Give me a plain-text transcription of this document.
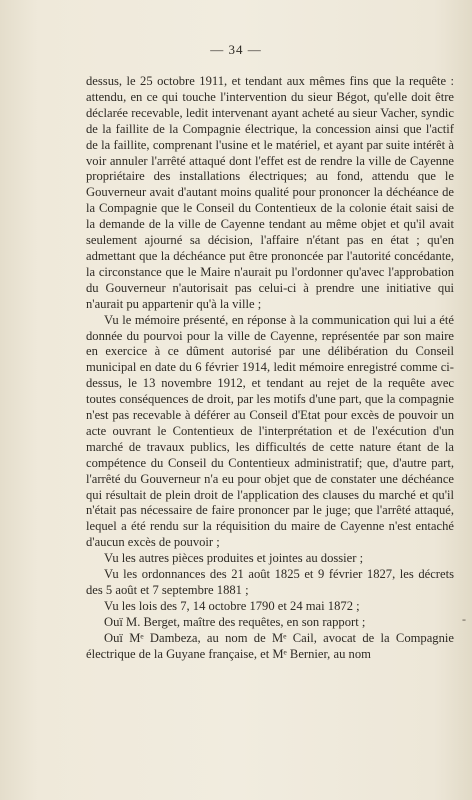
— 34 —

dessus, le 25 octobre 1911, et tendant aux mêmes fins que la requête : attendu, en ce qui touche l'intervention du sieur Bégot, qu'elle doit être déclarée recevable, ledit intervenant ayant acheté au sieur Vacher, syndic de la faillite de la Compagnie électrique, la concession ainsi que l'actif de la faillite, comprenant l'usine et le matériel, et ayant par suite intérêt à voir annuler l'arrêté attaqué dont l'effet est de rendre la ville de Cayenne propriétaire des installations électriques; au fond, attendu que le Gouverneur avait d'autant moins qualité pour prononcer la déchéance de la Compagnie que le Conseil du Contentieux de la colonie était saisi de la demande de la ville de Cayenne tendant au même objet et qu'il avait seulement ajourné sa décision, l'affaire n'étant pas en état ; qu'en admettant que la déchéance put être prononcée par l'autorité concédante, la circonstance que le Maire n'aurait pu l'ordonner qu'avec l'approbation du Gouverneur n'autorisait pas celui-ci à prendre une initiative qui n'aurait pu appartenir qu'à la ville ;

Vu le mémoire présenté, en réponse à la communication qui lui a été donnée du pourvoi pour la ville de Cayenne, représentée par son maire en exercice à ce dûment autorisé par une délibération du Conseil municipal en date du 6 février 1914, ledit mémoire enregistré comme ci-dessus, le 13 novembre 1912, et tendant au rejet de la requête avec toutes conséquences de droit, par les motifs d'une part, que la compagnie n'est pas recevable à déférer au Conseil d'Etat pour excès de pouvoir un acte ouvrant le Contentieux de l'interprétation et de l'exécution d'un marché de travaux publics, les difficultés de cette nature étant de la compétence du Conseil du Contentieux administratif; que, d'autre part, l'arrêté du Gouverneur n'a eu pour objet que de constater une déchéance qui résultait de plein droit de l'application des clauses du marché et qu'il n'était pas nécessaire de faire prononcer par le juge; que l'arrêté attaqué, lequel a été rendu sur la réquisition du maire de Cayenne n'est entaché d'aucun excès de pouvoir ;

Vu les autres pièces produites et jointes au dossier ;

Vu les ordonnances des 21 août 1825 et 9 février 1827, les décrets des 5 août et 7 septembre 1881 ;

Vu les lois des 7, 14 octobre 1790 et 24 mai 1872 ;

Ouï M. Berget, maître des requêtes, en son rapport ;

Ouï Mᵉ Dambeza, au nom de Mᵉ Cail, avocat de la Compagnie électrique de la Guyane française, et Mᵉ Bernier, au nom

-
